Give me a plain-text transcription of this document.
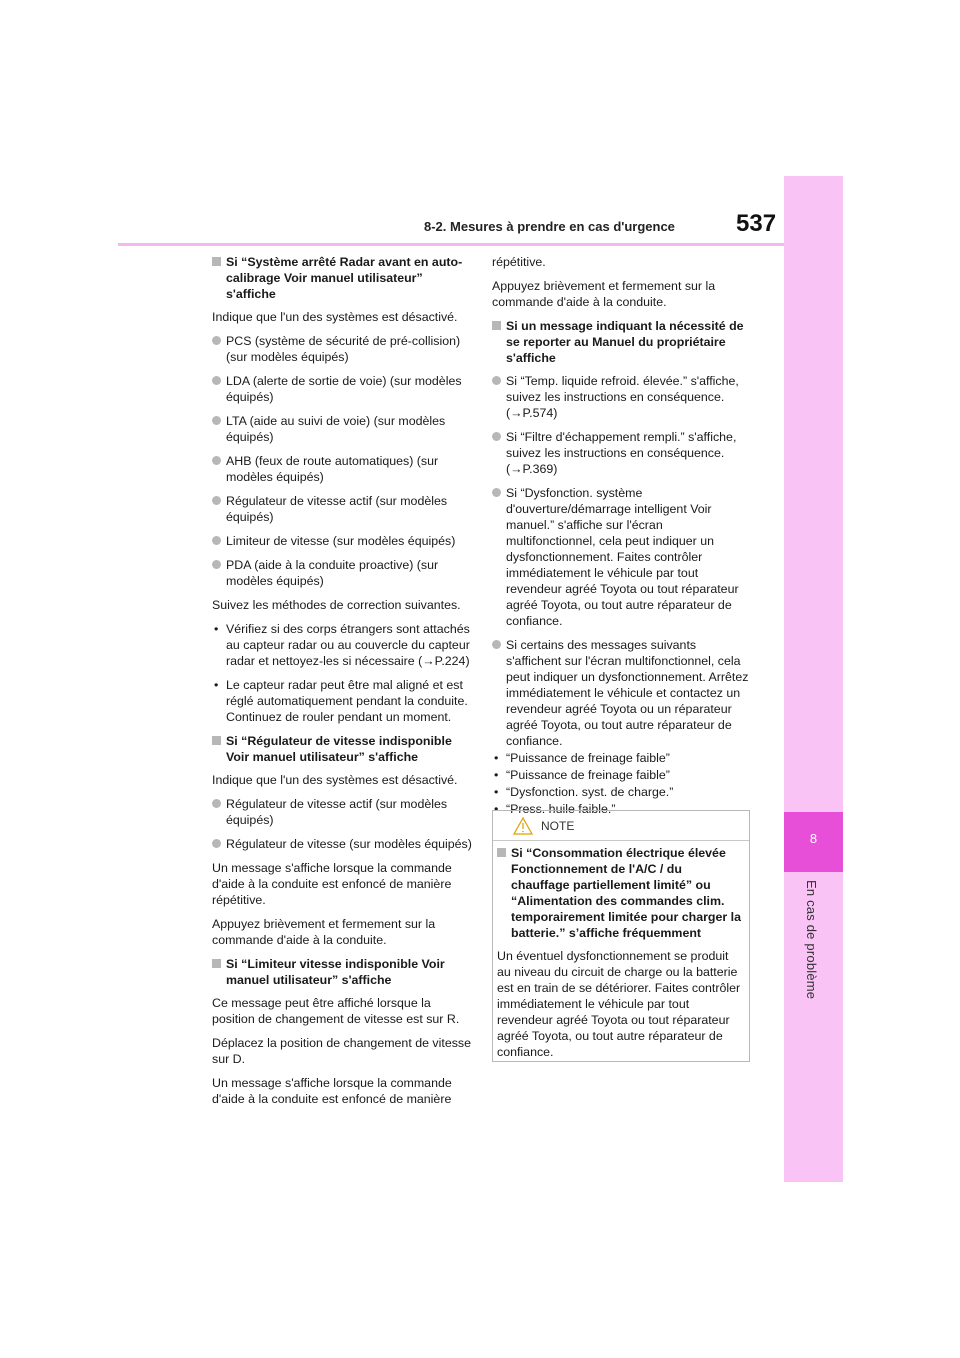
8-2. Mesures à prendre en cas d'urgence	537
8
En cas de problème
Si “Système arrêté Radar avant en auto-calibrage Voir manuel utilisateur” s'affiche

Indique que l'un des systèmes est désactivé.

PCS (système de sécurité de pré-collision) (sur modèles équipés)
LDA (alerte de sortie de voie) (sur modèles équipés)
LTA (aide au suivi de voie) (sur modèles équipés)
AHB (feux de route automatiques) (sur modèles équipés)
Régulateur de vitesse actif (sur modèles équipés)
Limiteur de vitesse (sur modèles équipés)
PDA (aide à la conduite proactive) (sur modèles équipés)

Suivez les méthodes de correction suivantes.

• Vérifiez si des corps étrangers sont attachés au capteur radar ou au couvercle du capteur radar et nettoyez-les si nécessaire (→P.224)
• Le capteur radar peut être mal aligné et est réglé automatiquement pendant la conduite. Continuez de rouler pendant un moment.
Si “Régulateur de vitesse indisponible Voir manuel utilisateur” s'affiche

Indique que l'un des systèmes est désactivé.

Régulateur de vitesse actif (sur modèles équipés)
Régulateur de vitesse (sur modèles équipés)

Un message s'affiche lorsque la commande d'aide à la conduite est enfoncé de manière répétitive.

Appuyez brièvement et fermement sur la commande d'aide à la conduite.

Si “Limiteur vitesse indisponible Voir manuel utilisateur” s'affiche

Ce message peut être affiché lorsque la position de changement de vitesse est sur R.

Déplacez la position de changement de vitesse sur D.

Un message s'affiche lorsque la commande d'aide à la conduite est enfoncé de manière

répétitive.

Appuyez brièvement et fermement sur la commande d'aide à la conduite.

Si un message indiquant la nécessité de se reporter au Manuel du propriétaire s'affiche
Si “Temp. liquide refroid. élevée.” s'affiche, suivez les instructions en conséquence. (→P.574)
Si “Filtre d'échappement rempli.” s'affiche, suivez les instructions en conséquence. (→P.369)
Si “Dysfonction. système d'ouverture/démarrage intelligent Voir manuel.” s'affiche sur l'écran multifonctionnel, cela peut indiquer un dysfonctionnement. Faites contrôler immédiatement le véhicule par tout revendeur agréé Toyota ou tout réparateur agréé Toyota, ou tout autre réparateur de confiance.
Si certains des messages suivants s'affichent sur l'écran multifonctionnel, cela peut indiquer un dysfonctionnement. Arrêtez immédiatement le véhicule et contactez un revendeur agréé Toyota ou un réparateur agréé Toyota, ou tout autre réparateur de confiance.
• “Puissance de freinage faible”
• “Puissance de freinage faible”
• “Dysfonction. syst. de charge.”
• “Press. huile faible.”
NOTE
Si “Consommation électrique élevée Fonctionnement de l'A/C / du chauffage partiellement limité” ou “Alimentation des commandes clim. temporairement limitée pour charger la batterie.” s’affiche fréquemment

Un éventuel dysfonctionnement se produit au niveau du circuit de charge ou la batterie est en train de se détériorer. Faites contrôler immédiatement le véhicule par tout revendeur agréé Toyota ou tout réparateur agréé Toyota, ou tout autre réparateur de confiance.
